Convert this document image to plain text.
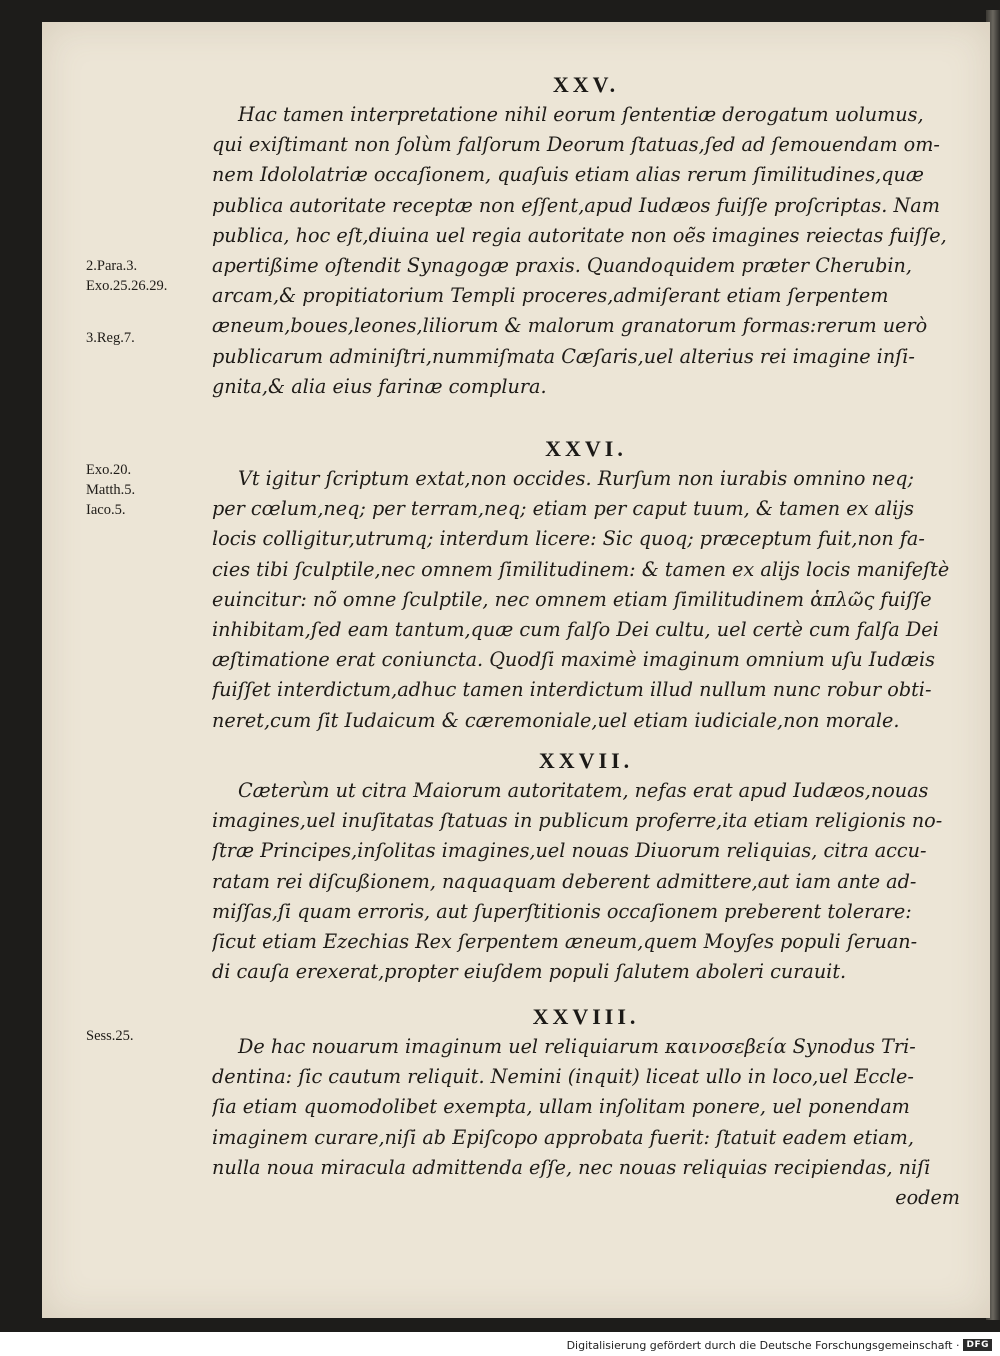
2.Para.3.
Exo.25.26.29.
3.Reg.7.
Exo.20.
Matth.5.
Iaco.5.
Sess.25.
XXV.

Hac tamen interpretatione nihil eorum ſententiæ derogatum uolumus,
qui exiſtimant non ſolùm falſorum Deorum ſtatuas,ſed ad ſemouendam om-
nem Idololatriæ occaſionem, quaſuis etiam alias rerum ſimilitudines,quæ
publica autoritate receptæ non eſſent,apud Iudæos fuiſſe proſcriptas. Nam
publica, hoc eſt,diuina uel regia autoritate non oẽs imagines reiectas fuiſſe,
apertißime oſtendit Synagogæ praxis. Quandoquidem præter Cherubin,
arcam,& propitiatorium Templi proceres,admiſerant etiam ſerpentem
æneum,boues,leones,liliorum & malorum granatorum formas:rerum uerò
publicarum adminiſtri,nummiſmata Cæſaris,uel alterius rei imagine inſi-
gnita,& alia eius farinæ complura.

XXVI.

Vt igitur ſcriptum extat,non occides. Rurſum non iurabis omnino neq;
per cœlum,neq; per terram,neq; etiam per caput tuum, & tamen ex alijs
locis colligitur,utrumq; interdum licere: Sic quoq; præceptum fuit,non fa-
cies tibi ſculptile,nec omnem ſimilitudinem: & tamen ex alijs locis manifeſtè
euincitur: nõ omne ſculptile, nec omnem etiam ſimilitudinem ἁπλῶς fuiſſe
inhibitam,ſed eam tantum,quæ cum falſo Dei cultu, uel certè cum falſa Dei
æſtimatione erat coniuncta. Quodſi maximè imaginum omnium uſu Iudæis
fuiſſet interdictum,adhuc tamen interdictum illud nullum nunc robur obti-
neret,cum ſit Iudaicum & cæremoniale,uel etiam iudiciale,non morale.

XXVII.

Cæterùm ut citra Maiorum autoritatem, nefas erat apud Iudæos,nouas
imagines,uel inuſitatas ſtatuas in publicum proferre,ita etiam religionis no-
ſtræ Principes,inſolitas imagines,uel nouas Diuorum reliquias, citra accu-
ratam rei diſcußionem, naquaquam deberent admittere,aut iam ante ad-
miſſas,ſi quam erroris, aut ſuperſtitionis occaſionem preberent tolerare:
ſicut etiam Ezechias Rex ſerpentem æneum,quem Moyſes populi ſeruan-
di cauſa erexerat,propter eiuſdem populi ſalutem aboleri curauit.

XXVIII.

De hac nouarum imaginum uel reliquiarum καινοσεβεία Synodus Tri-
dentina: ſic cautum reliquit. Nemini (inquit) liceat ullo in loco,uel Eccle-
ſia etiam quomodolibet exempta, ullam inſolitam ponere, uel ponendam
imaginem curare,niſi ab Epiſcopo approbata fuerit: ſtatuit eadem etiam,
nulla noua miracula admittenda eſſe, nec nouas reliquias recipiendas, niſi
eodem

Digitalisierung gefördert durch die Deutsche Forschungsgemeinschaft · DFG
